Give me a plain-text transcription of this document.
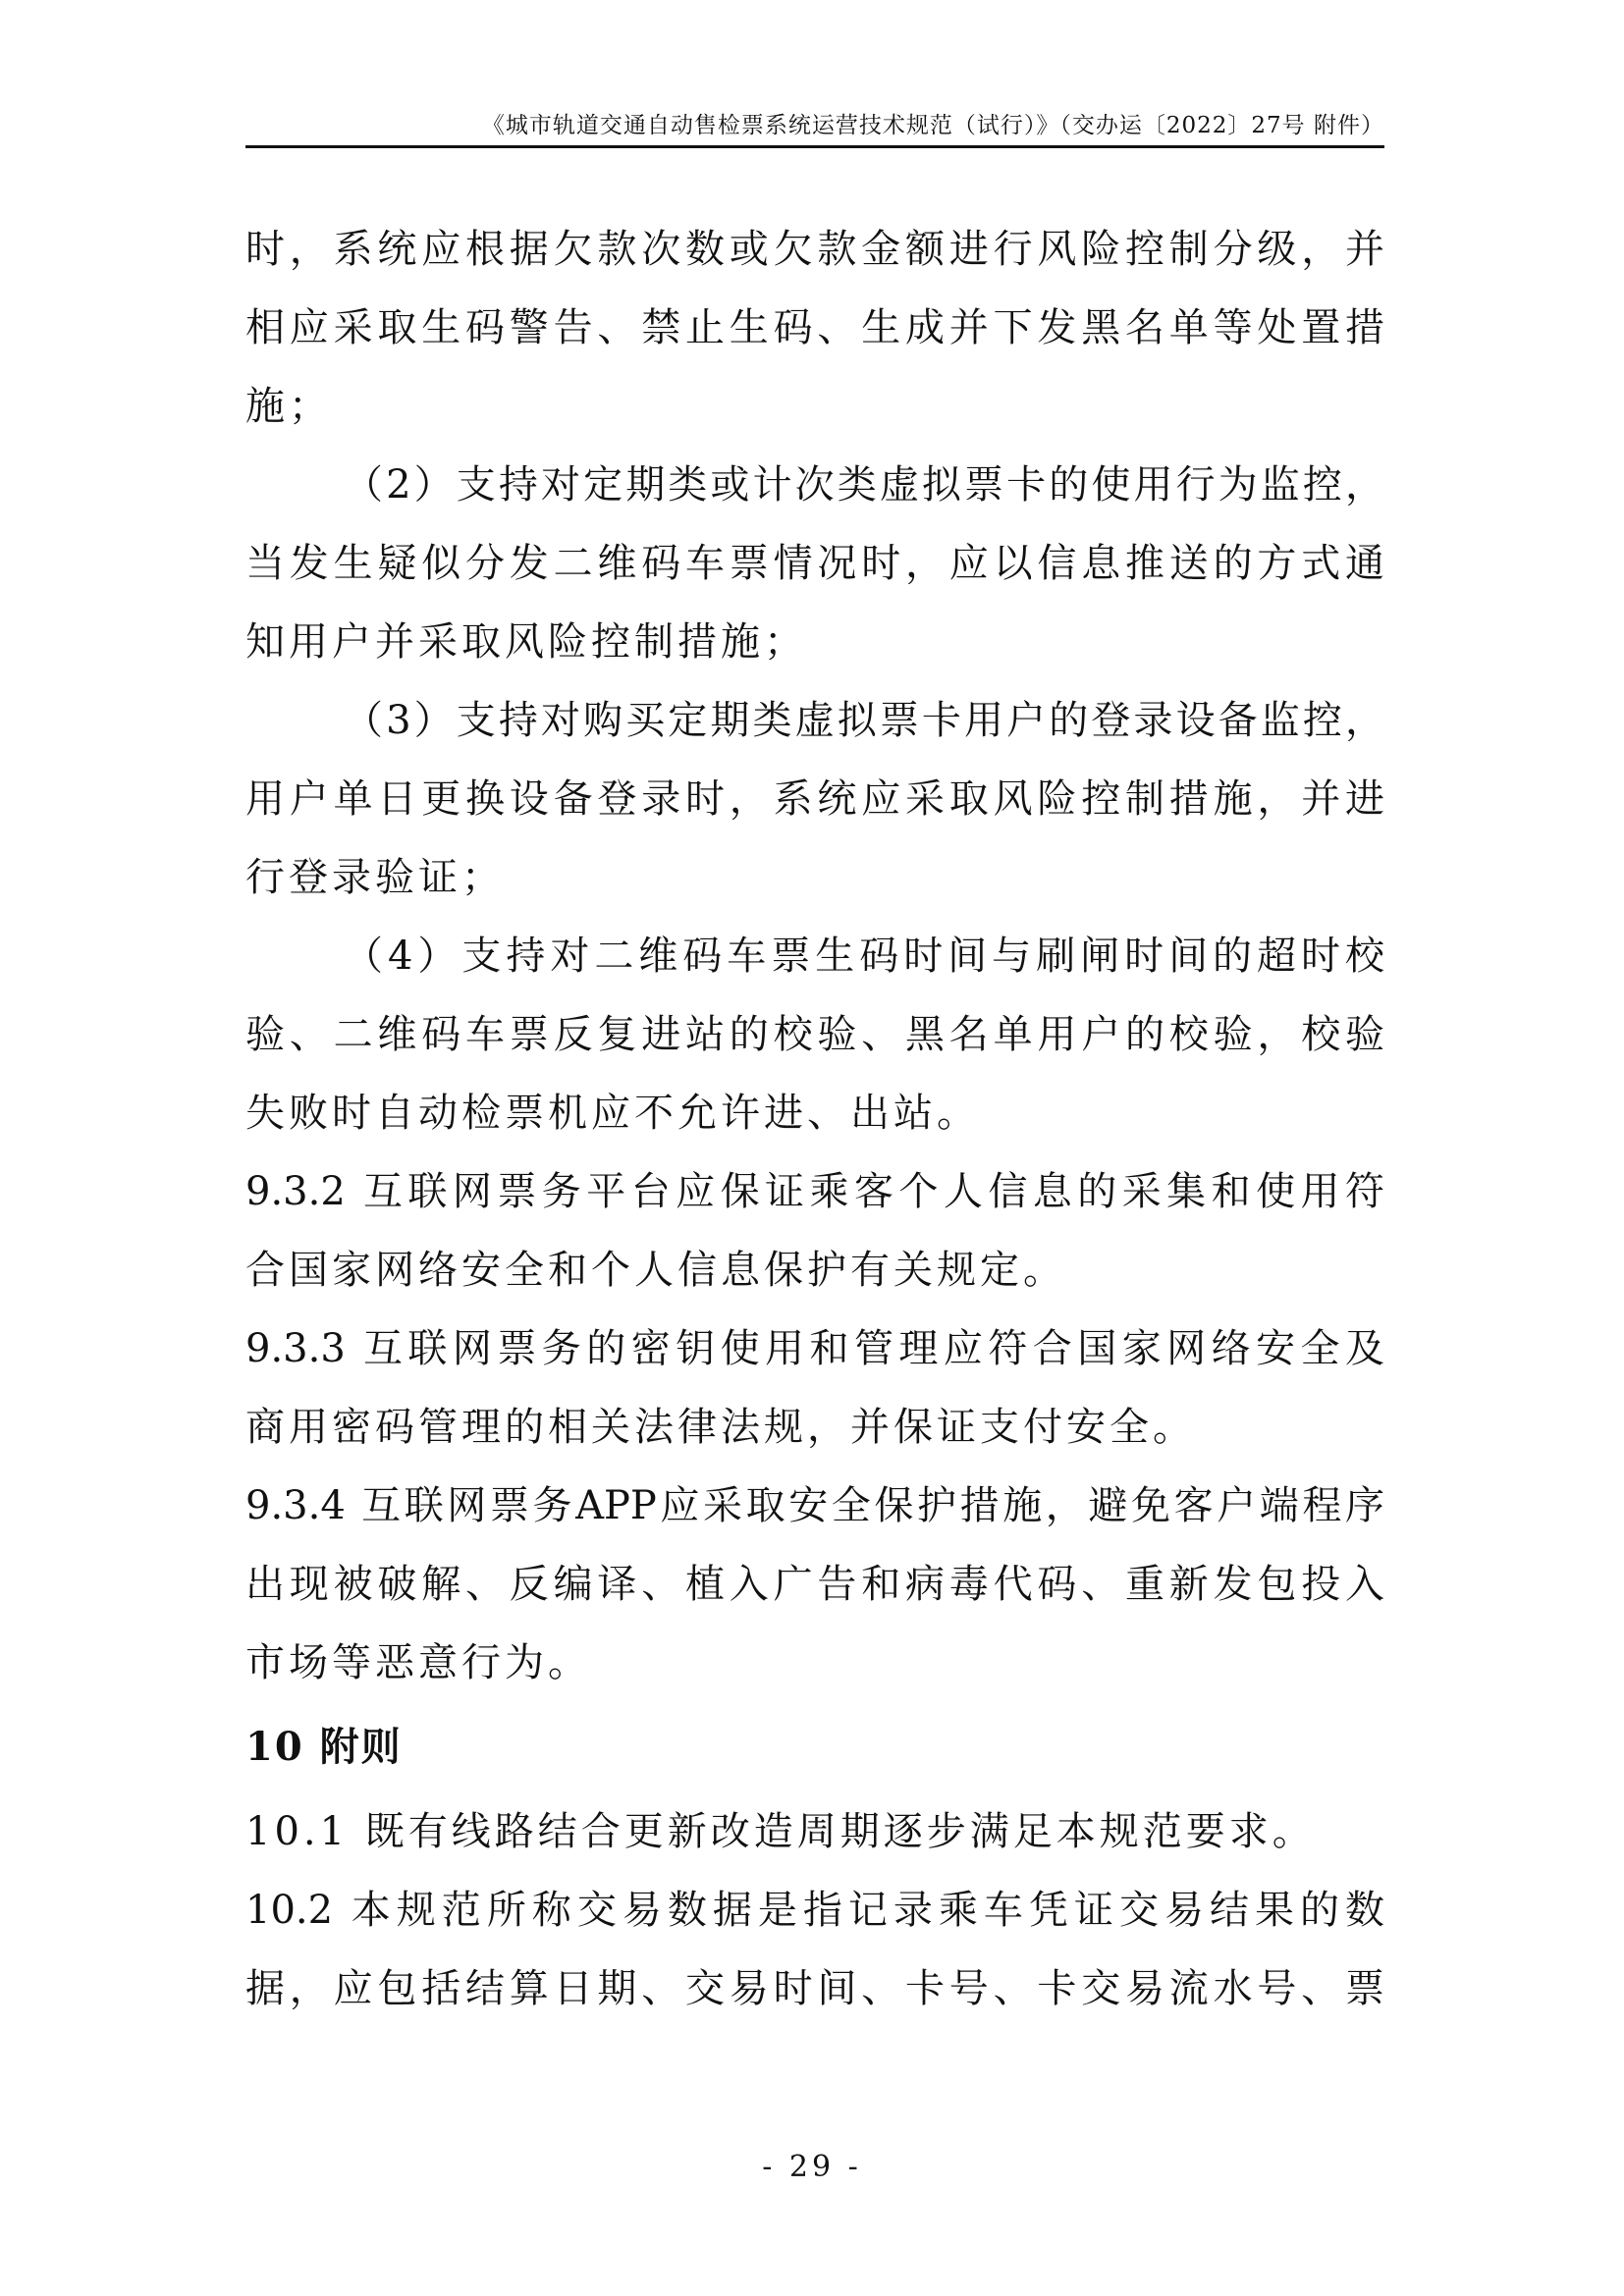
《城市轨道交通自动售检票系统运营技术规范（试行）》（交办运〔2022〕27号 附件）
时，系统应根据欠款次数或欠款金额进行风险控制分级，并
相应采取生码警告、禁止生码、生成并下发黑名单等处置措
施；
（2）支持对定期类或计次类虚拟票卡的使用行为监控，
当发生疑似分发二维码车票情况时，应以信息推送的方式通
知用户并采取风险控制措施；
（3）支持对购买定期类虚拟票卡用户的登录设备监控，
用户单日更换设备登录时，系统应采取风险控制措施，并进
行登录验证；
（4）支持对二维码车票生码时间与刷闸时间的超时校
验、二维码车票反复进站的校验、黑名单用户的校验，校验
失败时自动检票机应不允许进、出站。
9.3.2 互联网票务平台应保证乘客个人信息的采集和使用符
合国家网络安全和个人信息保护有关规定。
9.3.3 互联网票务的密钥使用和管理应符合国家网络安全及
商用密码管理的相关法律法规，并保证支付安全。
9.3.4 互联网票务APP应采取安全保护措施，避免客户端程序
出现被破解、反编译、植入广告和病毒代码、重新发包投入
市场等恶意行为。
10 附则
10.1 既有线路结合更新改造周期逐步满足本规范要求。
10.2 本规范所称交易数据是指记录乘车凭证交易结果的数
据，应包括结算日期、交易时间、卡号、卡交易流水号、票
- 29 -
